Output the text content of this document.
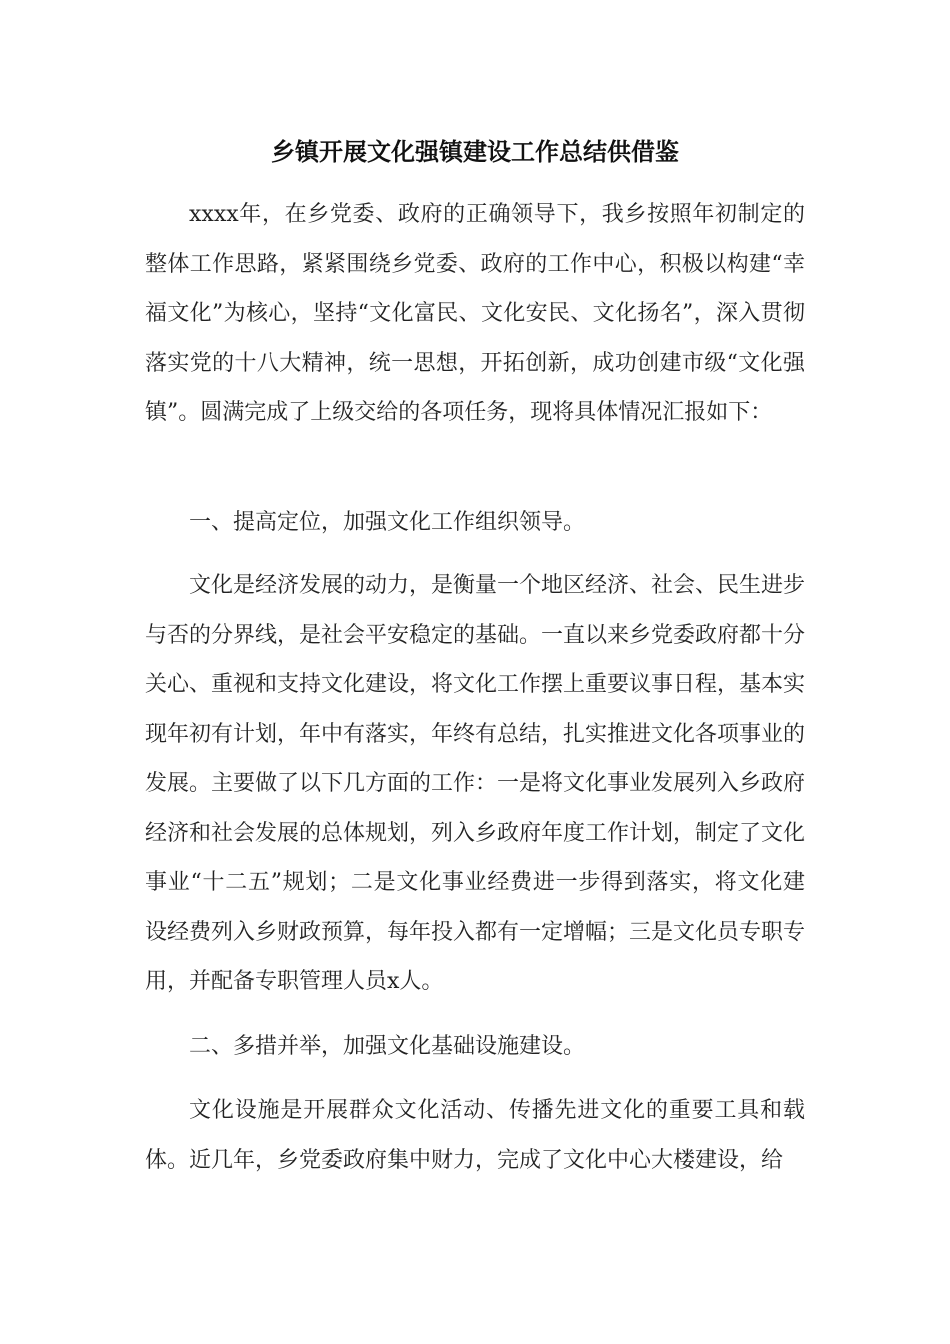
乡镇开展文化强镇建设工作总结供借鉴

xxxx年，在乡党委、政府的正确领导下，我乡按照年初制定的整体工作思路，紧紧围绕乡党委、政府的工作中心，积极以构建“幸福文化”为核心，坚持“文化富民、文化安民、文化扬名”，深入贯彻落实党的十八大精神，统一思想，开拓创新，成功创建市级“文化强镇”。圆满完成了上级交给的各项任务，现将具体情况汇报如下：

一、提高定位，加强文化工作组织领导。

文化是经济发展的动力，是衡量一个地区经济、社会、民生进步与否的分界线，是社会平安稳定的基础。一直以来乡党委政府都十分关心、重视和支持文化建设，将文化工作摆上重要议事日程，基本实现年初有计划，年中有落实，年终有总结，扎实推进文化各项事业的发展。主要做了以下几方面的工作：一是将文化事业发展列入乡政府经济和社会发展的总体规划，列入乡政府年度工作计划，制定了文化事业“十二五”规划；二是文化事业经费进一步得到落实，将文化建设经费列入乡财政预算，每年投入都有一定增幅；三是文化员专职专用，并配备专职管理人员x人。

二、多措并举，加强文化基础设施建设。

文化设施是开展群众文化活动、传播先进文化的重要工具和载体。近几年，乡党委政府集中财力，完成了文化中心大楼建设，给
